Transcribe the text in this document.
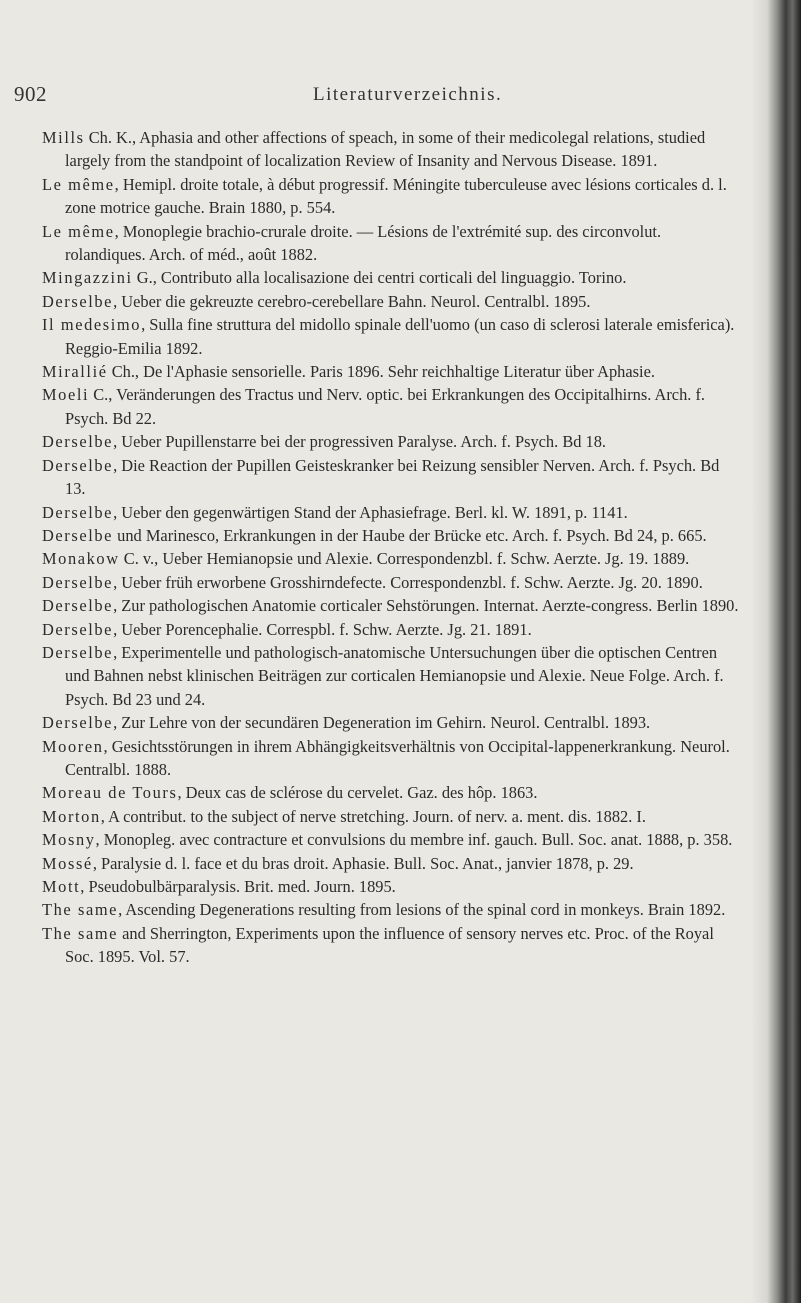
902	Literaturverzeichnis.

Mills Ch. K., Aphasia and other affections of speach, in some of their medicolegal relations, studied largely from the standpoint of localization Review of Insanity and Nervous Disease. 1891.

Le même, Hemipl. droite totale, à début progressif. Méningite tuberculeuse avec lésions corticales d. l. zone motrice gauche. Brain 1880, p. 554.

Le même, Monoplegie brachio-crurale droite. — Lésions de l'extrémité sup. des circonvolut. rolandiques. Arch. of méd., août 1882.

Mingazzini G., Contributo alla localisazione dei centri corticali del linguaggio. Torino.

Derselbe, Ueber die gekreuzte cerebro-cerebellare Bahn. Neurol. Centralbl. 1895.

Il medesimo, Sulla fine struttura del midollo spinale dell'uomo (un caso di sclerosi laterale emisferica). Reggio-Emilia 1892.

Mirallié Ch., De l'Aphasie sensorielle. Paris 1896. Sehr reichhaltige Literatur über Aphasie.

Moeli C., Veränderungen des Tractus und Nerv. optic. bei Erkrankungen des Occipitalhirns. Arch. f. Psych. Bd 22.

Derselbe, Ueber Pupillenstarre bei der progressiven Paralyse. Arch. f. Psych. Bd 18.

Derselbe, Die Reaction der Pupillen Geisteskranker bei Reizung sensibler Nerven. Arch. f. Psych. Bd 13.

Derselbe, Ueber den gegenwärtigen Stand der Aphasiefrage. Berl. kl. W. 1891, p. 1141.

Derselbe und Marinesco, Erkrankungen in der Haube der Brücke etc. Arch. f. Psych. Bd 24, p. 665.

Monakow C. v., Ueber Hemianopsie und Alexie. Correspondenzbl. f. Schw. Aerzte. Jg. 19. 1889.

Derselbe, Ueber früh erworbene Grosshirndefecte. Correspondenzbl. f. Schw. Aerzte. Jg. 20. 1890.

Derselbe, Zur pathologischen Anatomie corticaler Sehstörungen. Internat. Aerzte-congress. Berlin 1890.

Derselbe, Ueber Porencephalie. Correspbl. f. Schw. Aerzte. Jg. 21. 1891.

Derselbe, Experimentelle und pathologisch-anatomische Untersuchungen über die optischen Centren und Bahnen nebst klinischen Beiträgen zur corticalen Hemianopsie und Alexie. Neue Folge. Arch. f. Psych. Bd 23 und 24.

Derselbe, Zur Lehre von der secundären Degeneration im Gehirn. Neurol. Centralbl. 1893.

Mooren, Gesichtsstörungen in ihrem Abhängigkeitsverhältnis von Occipital-lappenerkrankung. Neurol. Centralbl. 1888.

Moreau de Tours, Deux cas de sclérose du cervelet. Gaz. des hôp. 1863.

Morton, A contribut. to the subject of nerve stretching. Journ. of nerv. a. ment. dis. 1882. I.

Mosny, Monopleg. avec contracture et convulsions du membre inf. gauch. Bull. Soc. anat. 1888, p. 358.

Mossé, Paralysie d. l. face et du bras droit. Aphasie. Bull. Soc. Anat., janvier 1878, p. 29.

Mott, Pseudobulbärparalysis. Brit. med. Journ. 1895.

The same, Ascending Degenerations resulting from lesions of the spinal cord in monkeys. Brain 1892.

The same and Sherrington, Experiments upon the influence of sensory nerves etc. Proc. of the Royal Soc. 1895. Vol. 57.
